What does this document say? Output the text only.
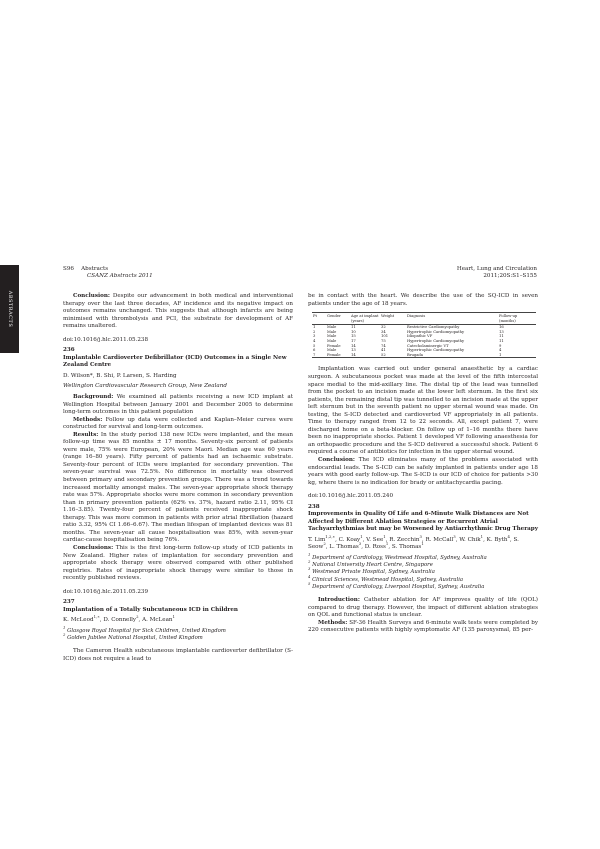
ABSTRACTS
S96 Abstracts
CSANZ Abstracts 2011
Heart, Lung and Circulation
2011;20S:S1–S155

Conclusion: Despite our advancement in both medical and interventional therapy over the last three decades, AF incidence and its negative impact on outcomes remains unchanged. This suggests that although infarcts are being minimised with thrombolysis and PCI, the substrate for development of AF remains unaltered.

doi:10.1016/j.hlc.2011.05.238

236

Implantable Cardioverter Defibrillator (ICD) Outcomes in a Single New Zealand Centre

D. Wilson*, B. Shi, P. Larsen, S. Harding

Wellington Cardiovascular Research Group, New Zealand

Background: We examined all patients receiving a new ICD implant at Wellington Hospital between January 2001 and December 2005 to determine long-term outcomes in this patient population

Methods: Follow up data were collected and Kaplan–Meier curves were constructed for survival and long-term outcomes.

Results: In the study period 138 new ICDs were implanted, and the mean follow-up time was 85 months ± 17 months. Seventy-six percent of patients were male, 75% were European, 20% were Maori. Median age was 60 years (range 16–80 years). Fifty percent of patients had an ischaemic substrate. Seventy-four percent of ICDs were implanted for secondary prevention. The seven-year survival was 72.5%. No difference in mortality was observed between primary and secondary prevention groups. There was a trend towards increased mortality amongst males. The seven-year appropriate shock therapy rate was 57%. Appropriate shocks were more common in secondary prevention than in primary prevention patients (62% vs. 37%, hazard ratio 2.11, 95% CI 1.16–3.85). Twenty-four percent of patients received inappropriate shock therapy. This was more common in patients with prior atrial fibrillation (hazard ratio 3.32, 95% CI 1.66–6.67). The median lifespan of implanted devices was 81 months. The seven-year all cause hospitalisation was 85%, with seven-year cardiac-cause hospitalisation being 76%.

Conclusions: This is the first long-term follow-up study of ICD patients in New Zealand. Higher rates of implantation for secondary prevention and appropriate shock therapy were observed compared with other published registries. Rates of inappropriate shock therapy were similar to those in recently published reviews.

doi:10.1016/j.hlc.2011.05.239

237

Implantation of a Totally Subcutaneous ICD in Children

K. McLeod$^{1,∗}$, D. Connelly$^2$, A. McLean$^1$

$^1$ Glasgow Royal Hospital for Sick Children, United Kingdom

$^2$ Golden Jubilee National Hospital, United Kingdom

The Cameron Health subcutaneous implantable cardioverter defibrillator (S-ICD) does not require a lead to

be in contact with the heart. We describe the use of the SQ-ICD in seven patients under the age of 18 years.

Pt	Gender	Age at implant (years)	Weight	Diagnosis	Follow-up (months)
1	Male	11	32	Restrictive Cardiomyopathy	16
2	Male	10	34	Hypertrophic Cardiomyopathy	13
3	Male	15	101	Idiopathic VF	11
4	Male	17	75	Hypertrophic Cardiomyopathy	11
5	Female	14	74	Catecholaminergic VT	9
6	Male	13	41	Hypertrophic Cardiomyopathy	4
7	Female	14	52	Brugada	1

Implantation was carried out under general anaesthetic by a cardiac surgeon. A subcutaneous pocket was made at the level of the fifth intercostal space medial to the mid-axillary line. The distal tip of the lead was tunnelled from the pocket to an incision made at the lower left sternum. In the first six patients, the remaining distal tip was tunnelled to an incision made at the upper left sternum but in the seventh patient no upper sternal wound was made. On testing, the S-ICD detected and cardioverted VF appropriately in all patients. Time to therapy ranged from 12 to 22 seconds. All, except patient 7, were discharged home on a beta-blocker. On follow up of 1–16 months there have been no inappropriate shocks. Patient 1 developed VF following anaesthesia for an orthopaedic procedure and the S-ICD delivered a successful shock. Patient 6 required a course of antibiotics for infection in the upper sternal wound.

Conclusion: The ICD eliminates many of the problems associated with endocardial leads. The S-ICD can be safely implanted in patients under age 18 years with good early follow-up. The S-ICD is our ICD of choice for patients >30 kg, where there is no indication for brady or antitachycardia pacing.

doi:10.1016/j.hlc.2011.05.240

238

Improvements in Quality Of Life and 6-Minute Walk Distances are Not Affected by Different Ablation Strategies or Recurrent Atrial Tachyarrhythmias but may be Worsened by Antiarrhythmic Drug Therapy

T. Lim$^{1,2,∗}$, C. Koay$^1$, V. See$^1$, R. Zecchin$^3$, R. McCall$^3$, W. Chik$^1$, K. Byth$^4$, S. Seow$^2$, L. Thomas$^3$, D. Ross$^1$, S. Thomas$^1$

$^1$ Department of Cardiology, Westmead Hospital, Sydney, Australia

$^2$ National University Heart Centre, Singapore

$^3$ Westmead Private Hospital, Sydney, Australia

$^4$ Clinical Sciences, Westmead Hospital, Sydney, Australia

$^5$ Department of Cardiology, Liverpool Hospital, Sydney, Australia

Introduction: Catheter ablation for AF improves quality of life (QOL) compared to drug therapy. However, the impact of different ablation strategies on QOL and functional status is unclear.

Methods: SF-36 Health Surveys and 6-minute walk tests were completed by 220 consecutive patients with highly symptomatic AF (135 paroxysmal, 85 per-
